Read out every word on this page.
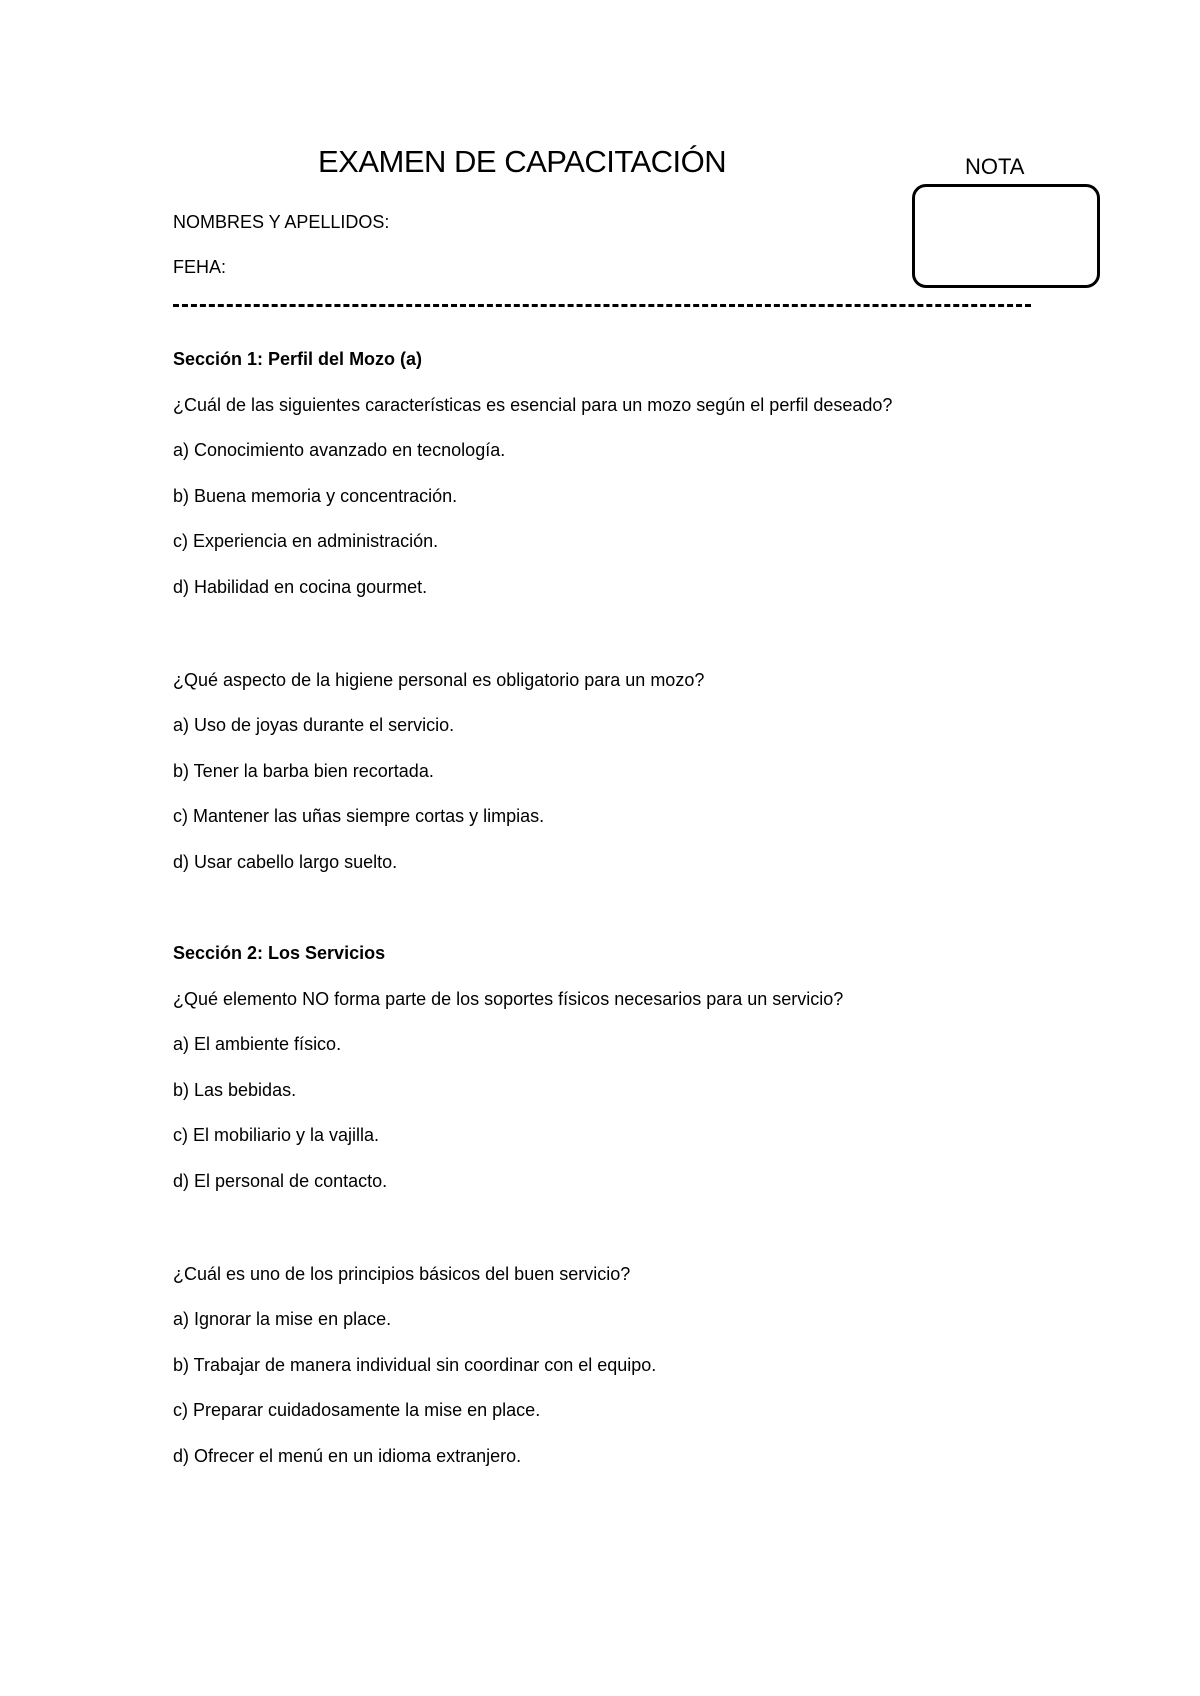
EXAMEN DE CAPACITACIÓN	NOTA
NOMBRES Y APELLIDOS:
FEHA:
Sección 1: Perfil del Mozo (a)
¿Cuál de las siguientes características es esencial para un mozo según el perfil deseado?
a) Conocimiento avanzado en tecnología.
b) Buena memoria y concentración.
c) Experiencia en administración.
d) Habilidad en cocina gourmet.
¿Qué aspecto de la higiene personal es obligatorio para un mozo?
a) Uso de joyas durante el servicio.
b) Tener la barba bien recortada.
c) Mantener las uñas siempre cortas y limpias.
d) Usar cabello largo suelto.
Sección 2: Los Servicios
¿Qué elemento NO forma parte de los soportes físicos necesarios para un servicio?
a) El ambiente físico.
b) Las bebidas.
c) El mobiliario y la vajilla.
d) El personal de contacto.
¿Cuál es uno de los principios básicos del buen servicio?
a) Ignorar la mise en place.
b) Trabajar de manera individual sin coordinar con el equipo.
c) Preparar cuidadosamente la mise en place.
d) Ofrecer el menú en un idioma extranjero.
